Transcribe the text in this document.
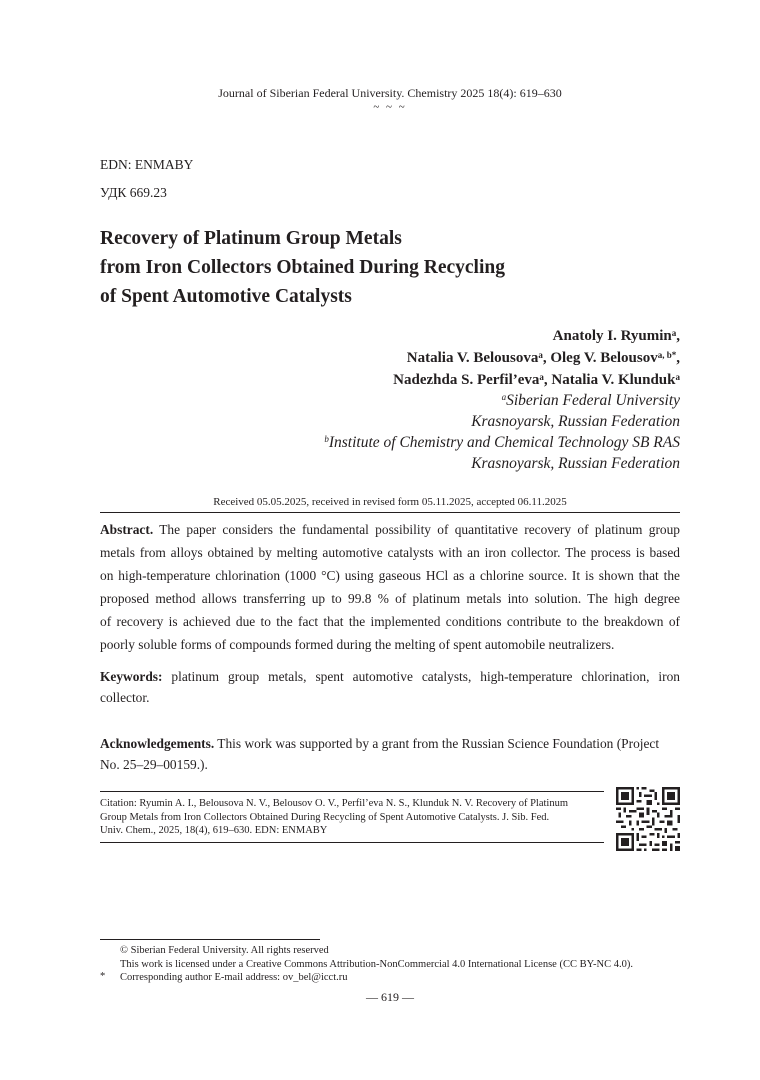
Journal of Siberian Federal University. Chemistry 2025 18(4): 619–630
~ ~ ~
EDN: ENMABY
УДК 669.23
Recovery of Platinum Group Metals
from Iron Collectors Obtained During Recycling
of Spent Automotive Catalysts
Anatoly I. Ryumin$^a$,
Natalia V. Belousova$^a$, Oleg V. Belousov$^{a, b*}$,
Nadezhda S. Perfil’eva$^a$, Natalia V. Klunduk$^a$
$^a$Siberian Federal University
Krasnoyarsk, Russian Federation
$^b$Institute of Chemistry and Chemical Technology SB RAS
Krasnoyarsk, Russian Federation
Received 05.05.2025, received in revised form 05.11.2025, accepted 06.11.2025
Abstract. The paper considers the fundamental possibility of quantitative recovery of platinum group
metals from alloys obtained by melting automotive catalysts with an iron collector. The process is based
on high-temperature chlorination (1000 °C) using gaseous HCl as a chlorine source. It is shown that the
proposed method allows transferring up to 99.8 % of platinum metals into solution. The high degree
of recovery is achieved due to the fact that the implemented conditions contribute to the breakdown of
poorly soluble forms of compounds formed during the melting of spent automobile neutralizers.
Keywords: platinum group metals, spent automotive catalysts, high-temperature chlorination, iron
collector.
Acknowledgements. This work was supported by a grant from the Russian Science Foundation (Project
No. 25–29–00159.).
Citation: Ryumin A. I., Belousova N. V., Belousov O. V., Perfil’eva N. S., Klunduk N. V. Recovery of Platinum
Group Metals from Iron Collectors Obtained During Recycling of Spent Automotive Catalysts. J. Sib. Fed.
Univ. Chem., 2025, 18(4), 619–630. EDN: ENMABY
© Siberian Federal University. All rights reserved
This work is licensed under a Creative Commons Attribution-NonCommercial 4.0 International License (CC BY-NC 4.0).
Corresponding author E-mail address: ov_bel@icct.ru
*
— 619 —
